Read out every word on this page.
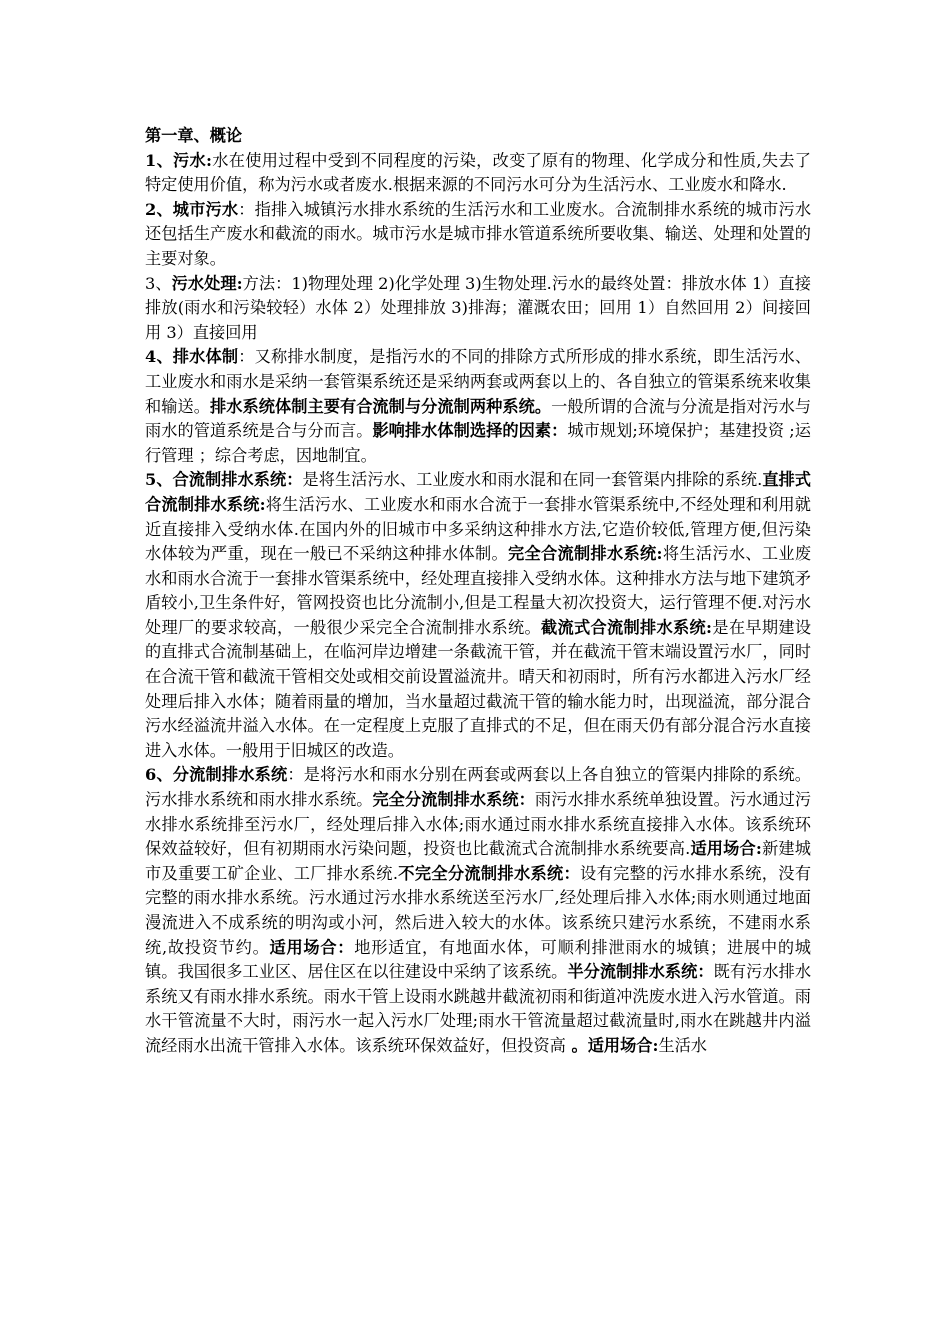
第一章、概论

1、污水:水在使用过程中受到不同程度的污染，改变了原有的物理、化学成分和性质,失去了特定使用价值，称为污水或者废水.根据来源的不同污水可分为生活污水、工业废水和降水.

2、城市污水：指排入城镇污水排水系统的生活污水和工业废水。合流制排水系统的城市污水还包括生产废水和截流的雨水。城市污水是城市排水管道系统所要收集、输送、处理和处置的主要对象。

3、污水处理:方法：1)物理处理 2)化学处理 3)生物处理.污水的最终处置：排放水体 1）直接排放(雨水和污染较轻）水体 2）处理排放 3)排海；灌溉农田；回用 1）自然回用 2）间接回用 3）直接回用

4、排水体制：又称排水制度，是指污水的不同的排除方式所形成的排水系统，即生活污水、工业废水和雨水是采纳一套管渠系统还是采纳两套或两套以上的、各自独立的管渠系统来收集和输送。排水系统体制主要有合流制与分流制两种系统。一般所谓的合流与分流是指对污水与雨水的管道系统是合与分而言。影响排水体制选择的因素：城市规划;环境保护；基建投资 ;运行管理 ；综合考虑，因地制宜。

5、合流制排水系统：是将生活污水、工业废水和雨水混和在同一套管渠内排除的系统.直排式合流制排水系统:将生活污水、工业废水和雨水合流于一套排水管渠系统中,不经处理和利用就近直接排入受纳水体.在国内外的旧城市中多采纳这种排水方法,它造价较低,管理方便,但污染水体较为严重，现在一般已不采纳这种排水体制。完全合流制排水系统:将生活污水、工业废水和雨水合流于一套排水管渠系统中，经处理直接排入受纳水体。这种排水方法与地下建筑矛盾较小,卫生条件好，管网投资也比分流制小,但是工程量大初次投资大，运行管理不便.对污水处理厂的要求较高，一般很少采完全合流制排水系统。截流式合流制排水系统:是在早期建设的直排式合流制基础上，在临河岸边增建一条截流干管，并在截流干管末端设置污水厂，同时在合流干管和截流干管相交处或相交前设置溢流井。晴天和初雨时，所有污水都进入污水厂经处理后排入水体；随着雨量的增加，当水量超过截流干管的输水能力时，出现溢流，部分混合污水经溢流井溢入水体。在一定程度上克服了直排式的不足，但在雨天仍有部分混合污水直接进入水体。一般用于旧城区的改造。

6、分流制排水系统：是将污水和雨水分别在两套或两套以上各自独立的管渠内排除的系统。污水排水系统和雨水排水系统。完全分流制排水系统：雨污水排水系统单独设置。污水通过污水排水系统排至污水厂，经处理后排入水体;雨水通过雨水排水系统直接排入水体。该系统环保效益较好，但有初期雨水污染问题，投资也比截流式合流制排水系统要高.适用场合:新建城市及重要工矿企业、工厂排水系统.不完全分流制排水系统：设有完整的污水排水系统，没有完整的雨水排水系统。污水通过污水排水系统送至污水厂,经处理后排入水体;雨水则通过地面漫流进入不成系统的明沟或小河，然后进入较大的水体。该系统只建污水系统，不建雨水系统,故投资节约。适用场合：地形适宜，有地面水体，可顺利排泄雨水的城镇；进展中的城镇。我国很多工业区、居住区在以往建设中采纳了该系统。半分流制排水系统：既有污水排水系统又有雨水排水系统。雨水干管上设雨水跳越井截流初雨和街道冲洗废水进入污水管道。雨水干管流量不大时，雨污水一起入污水厂处理;雨水干管流量超过截流量时,雨水在跳越井内溢流经雨水出流干管排入水体。该系统环保效益好，但投资高 。适用场合:生活水
